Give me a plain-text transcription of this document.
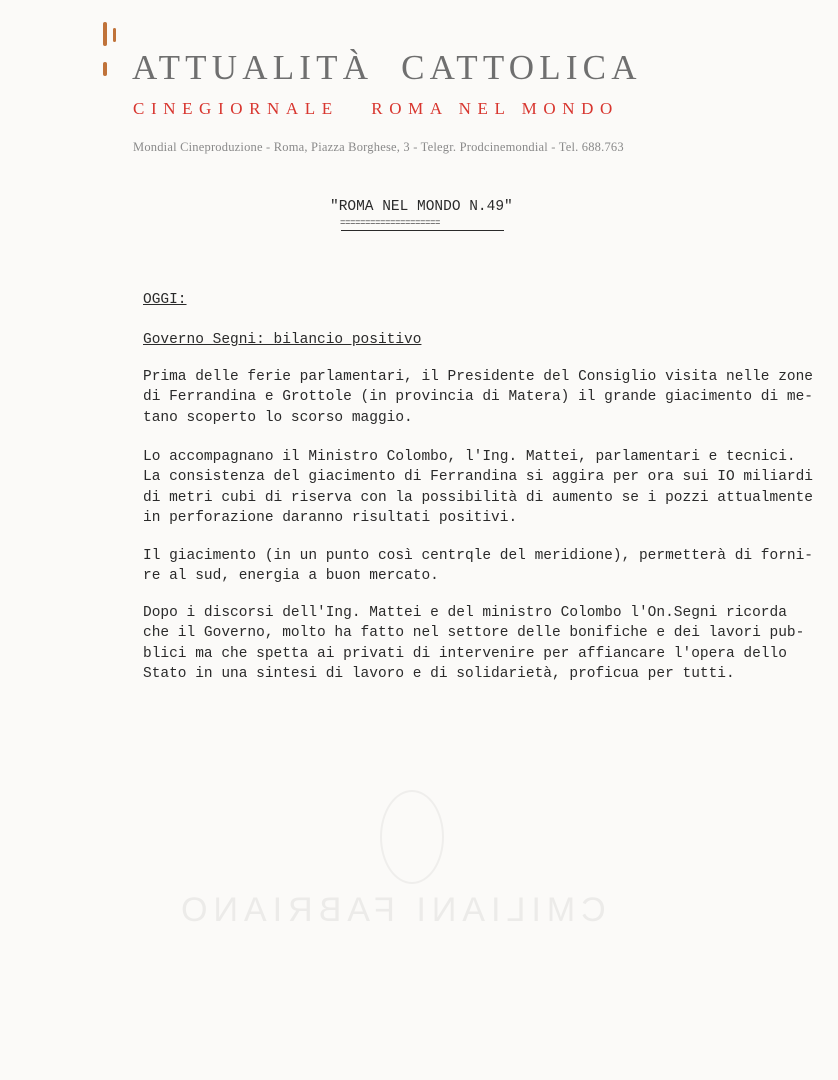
CMILIANI FABRIANO
ATTUALITÀ  CATTOLICA
CINEGIORNALE   ROMA NEL MONDO
Mondial Cineproduzione - Roma, Piazza Borghese, 3 - Telegr. Prodcinemondial - Tel. 688.763
"ROMA NEL MONDO N.49"
====================
OGGI:
Governo Segni: bilancio positivo
Prima delle ferie parlamentari, il Presidente del Consiglio visita nelle zone
di Ferrandina e Grottole (in provincia di Matera) il grande giacimento di me-
tano scoperto lo scorso maggio.
Lo accompagnano il Ministro Colombo, l'Ing. Mattei, parlamentari e tecnici.
La consistenza del giacimento di Ferrandina si aggira per ora sui IO miliardi
di metri cubi di riserva con la possibilità di aumento se i pozzi attualmente
in perforazione daranno risultati positivi.
Il giacimento (in un punto così centrqle del meridione), permetterà di forni-
re al sud, energia a buon mercato.
Dopo i discorsi dell'Ing. Mattei e del ministro Colombo l'On.Segni ricorda
che il Governo, molto ha fatto nel settore delle bonifiche e dei lavori pub-
blici ma che spetta ai privati di intervenire per affiancare l'opera dello
Stato in una sintesi di lavoro e di solidarietà, proficua per tutti.
